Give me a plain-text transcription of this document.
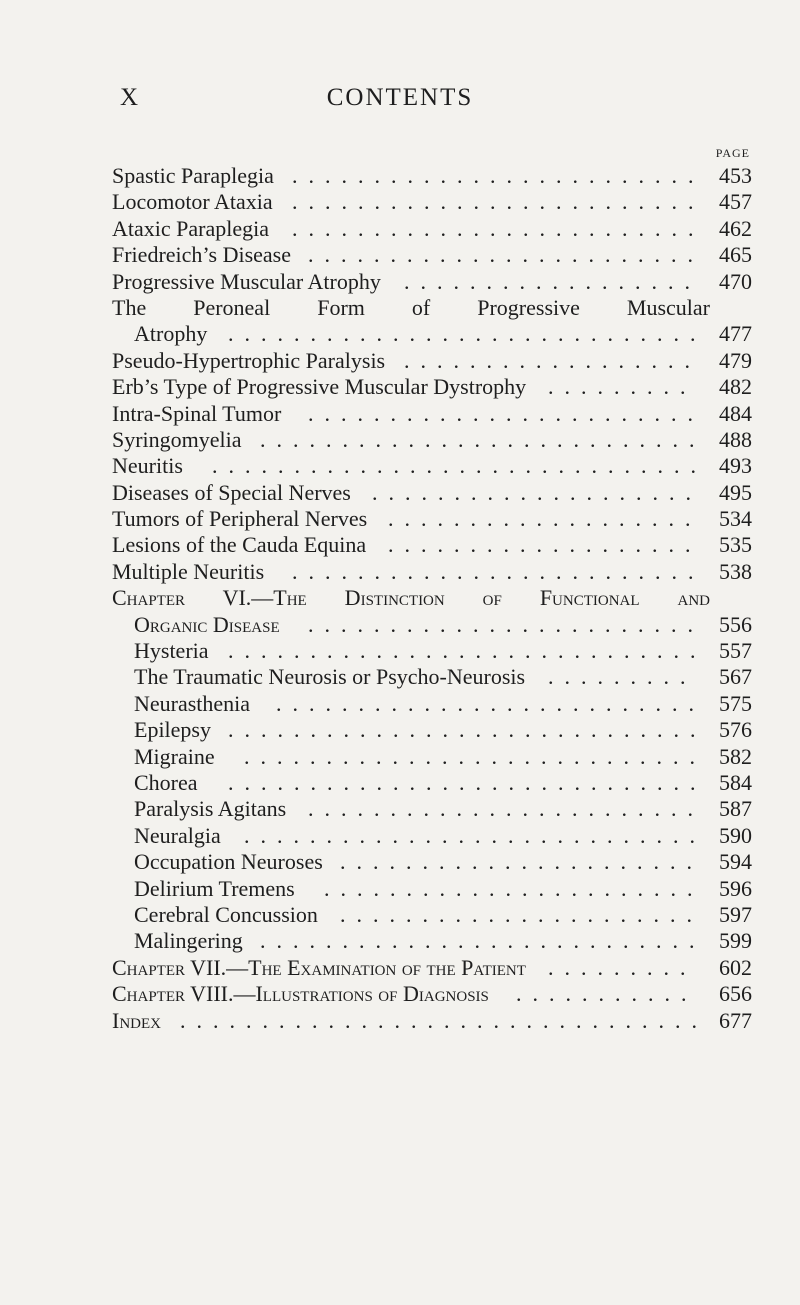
X	CONTENTS
PAGE
Spastic Paraplegia ......................... 453
Locomotor Ataxia ......................... 457
Ataxic Paraplegia ......................... 462
Friedreich’s Disease ........................ 465
Progressive Muscular Atrophy .................. 470
The Peroneal Form of Progressive Muscular
Atrophy ............................. 477
Pseudo-Hypertrophic Paralysis .................. 479
Erb’s Type of Progressive Muscular Dystrophy .........	482
Intra-Spinal Tumor ........................ 484
Syringomyelia ........................... 488
Neuritis .............................. 493
Diseases of Special Nerves .................... 495
Tumors of Peripheral Nerves ................... 534
Lesions of the Cauda Equina ................... 535
Multiple Neuritis ......................... 538
Chapter VI.—The Distinction of Functional and
Organic Disease ........................ 556
Hysteria ............................. 557
The Traumatic Neurosis or Psycho-Neurosis .........	567
Neurasthenia .......................... 575
Epilepsy ............................. 576
Migraine ............................ 582
Chorea ............................. 584
Paralysis Agitans ........................ 587
Neuralgia ............................ 590
Occupation Neuroses ...................... 594
Delirium Tremens ....................... 596
Cerebral Concussion ...................... 597
Malingering ........................... 599
Chapter VII.—The Examination of the Patient .........	602
Chapter VIII.—Illustrations of Diagnosis ........... 656
Index ................................ 677
